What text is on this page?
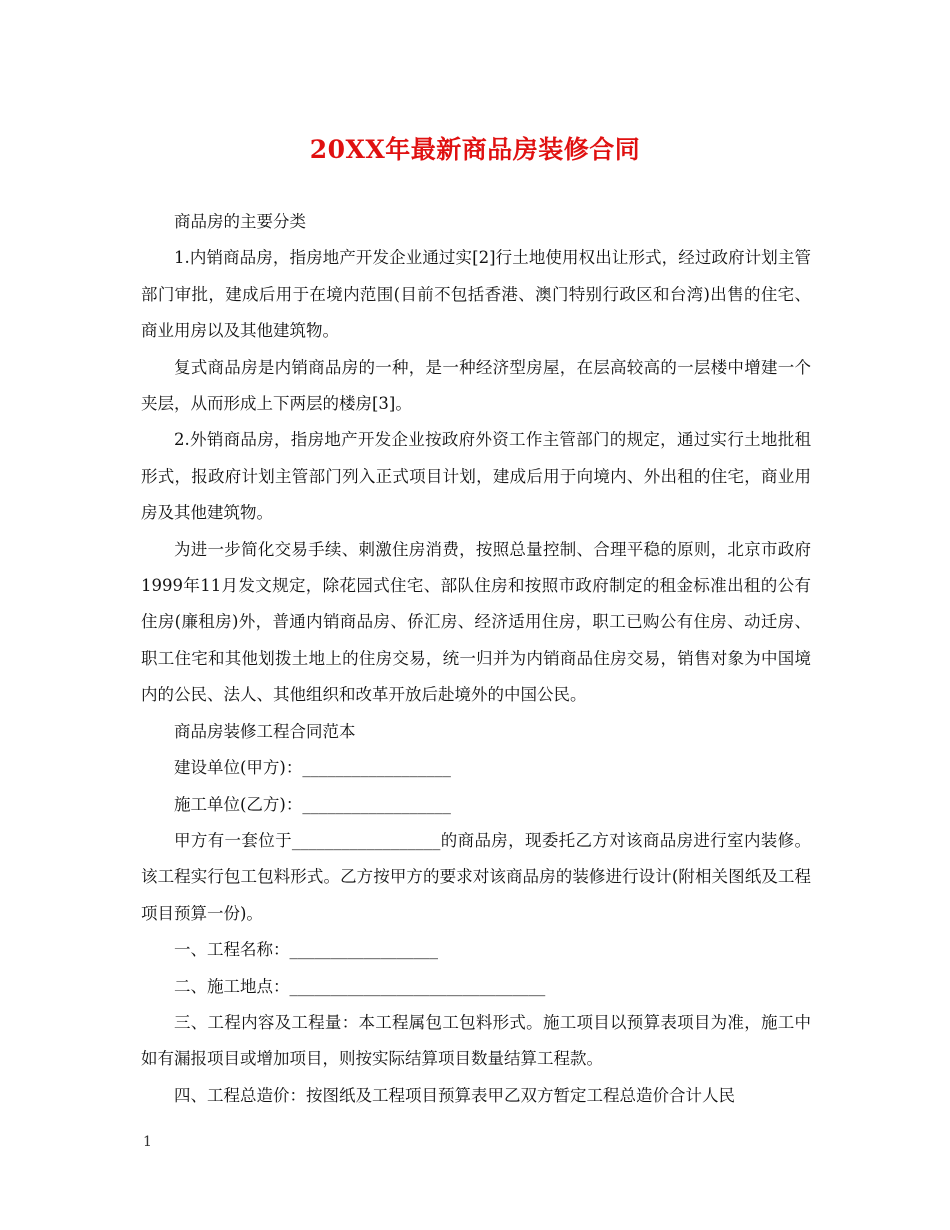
20XX年最新商品房装修合同

商品房的主要分类

1.内销商品房，指房地产开发企业通过实[2]行土地使用权出让形式，经过政府计划主管部门审批，建成后用于在境内范围(目前不包括香港、澳门特别行政区和台湾)出售的住宅、商业用房以及其他建筑物。

复式商品房是内销商品房的一种，是一种经济型房屋，在层高较高的一层楼中增建一个夹层，从而形成上下两层的楼房[3]。

2.外销商品房，指房地产开发企业按政府外资工作主管部门的规定，通过实行土地批租形式，报政府计划主管部门列入正式项目计划，建成后用于向境内、外出租的住宅，商业用房及其他建筑物。

为进一步简化交易手续、刺激住房消费，按照总量控制、合理平稳的原则，北京市政府1999年11月发文规定，除花园式住宅、部队住房和按照市政府制定的租金标准出租的公有住房(廉租房)外，普通内销商品房、侨汇房、经济适用住房，职工已购公有住房、动迁房、职工住宅和其他划拨土地上的住房交易，统一归并为内销商品住房交易，销售对象为中国境内的公民、法人、其他组织和改革开放后赴境外的中国公民。

商品房装修工程合同范本

建设单位(甲方)：__________________

施工单位(乙方)：__________________

甲方有一套位于__________________的商品房，现委托乙方对该商品房进行室内装修。该工程实行包工包料形式。乙方按甲方的要求对该商品房的装修进行设计(附相关图纸及工程项目预算一份)。

一、工程名称：__________________

二、施工地点：_______________________________

三、工程内容及工程量：本工程属包工包料形式。施工项目以预算表项目为准，施工中如有漏报项目或增加项目，则按实际结算项目数量结算工程款。

四、工程总造价：按图纸及工程项目预算表甲乙双方暂定工程总造价合计人民

1
